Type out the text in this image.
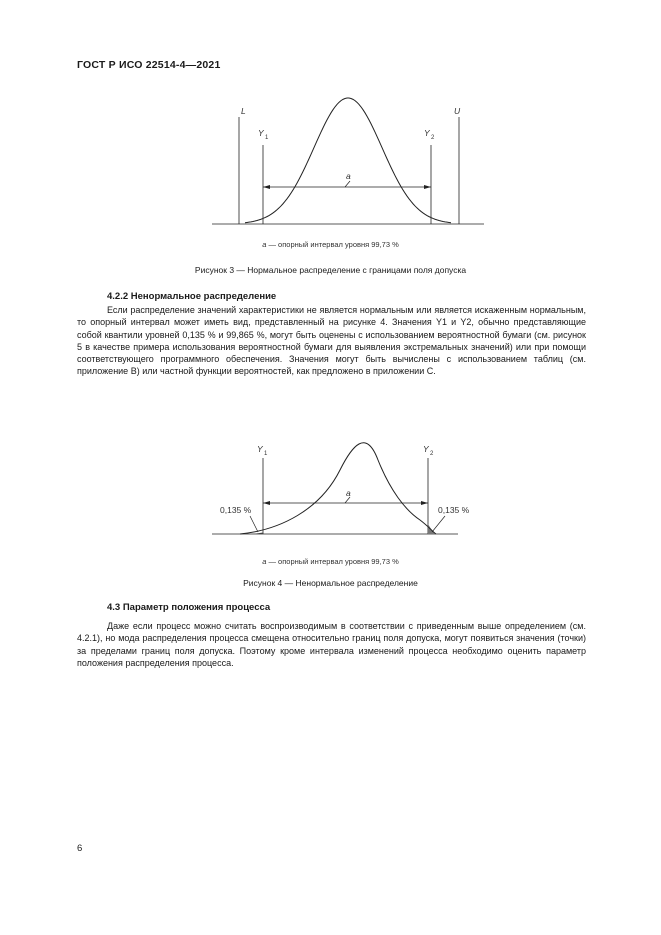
ГОСТ Р ИСО 22514-4—2021
a
L	U
Y 1	Y 2
a — опорный интервал уровня 99,73 %
Рисунок 3 — Нормальное распределение с границами поля допуска
4.2.2 Ненормальное распределение
Если распределение значений характеристики не является нормальным или является искаженным нормальным, то опорный интервал может иметь вид, представленный на рисунке 4. Значения Y1 и Y2, обычно представляющие собой квантили уровней 0,135 % и 99,865 %, могут быть оценены с использованием вероятностной бумаги (см. рисунок 5 в качестве примера использования вероятностной бумаги для выявления экстремальных значений) или при помощи соответствующего программного обеспечения. Значения могут быть вычислены с использованием таблиц (см. приложение В) или частной функции вероятностей, как предложено в приложении С.
a
Y 1	Y 2
0,135 %	0,135 %
a — опорный интервал уровня 99,73 %
Рисунок 4 — Ненормальное распределение
4.3 Параметр положения процесса
Даже если процесс можно считать воспроизводимым в соответствии с приведенным выше определением (см. 4.2.1), но мода распределения процесса смещена относительно границ поля допуска, могут появиться значения (точки) за пределами границ поля допуска. Поэтому кроме интервала изменений процесса необходимо оценить параметр положения распределения процесса.
6
